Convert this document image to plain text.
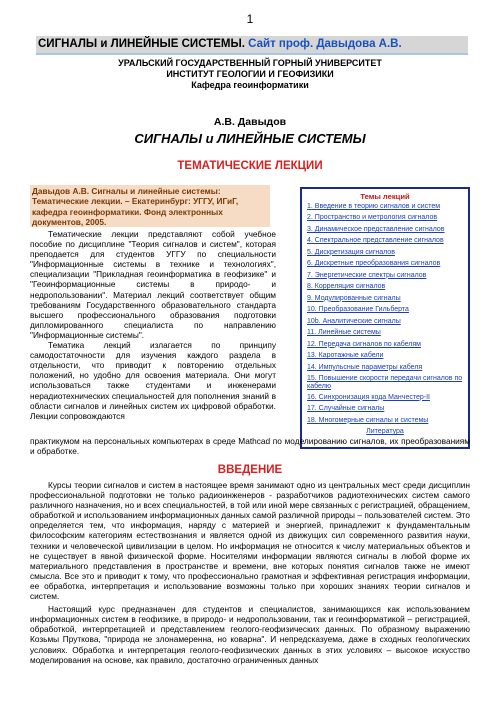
1
СИГНАЛЫ и ЛИНЕЙНЫЕ СИСТЕМЫ. Сайт проф. Давыдова А.В.
УРАЛЬСКИЙ ГОСУДАРСТВЕННЫЙ ГОРНЫЙ УНИВЕРСИТЕТ
ИНСТИТУТ ГЕОЛОГИИ И ГЕОФИЗИКИ
Кафедра геоинформатики
А.В. Давыдов
СИГНАЛЫ и ЛИНЕЙНЫЕ СИСТЕМЫ
ТЕМАТИЧЕСКИЕ ЛЕКЦИИ
Давыдов А.В. Сигналы и линейные системы: Тематические лекции. – Екатеринбург: УГГУ, ИГиГ, кафедра геоинформатики. Фонд электронных документов, 2005.

Тематические лекции представляют собой учебное пособие по дисциплине "Теория сигналов и систем", которая преподается для студентов УГГУ по специальности "Информационные системы в технике и технологиях", специализации "Прикладная геоинформатика в геофизике" и "Геоинформационные системы в природо- и недропользовании". Материал лекций соответствует общим требованиям Государственного образовательного стандарта высшего профессионального образования подготовки дипломированного специалиста по направлению "Информационные системы".

Тематика лекций излагается по принципу самодостаточности для изучения каждого раздела в отдельности, что приводит к повторению отдельных положений, но удобно для освоения материала. Они могут использоваться также студентами и инженерами нерадиотехнических специальностей для пополнения знаний в области сигналов и линейных систем их цифровой обработки. Лекции сопровождаются

Темы лекций
1. Введение в теорию сигналов и систем
2. Пространство и метрология сигналов
3. Динамическое представление сигналов
4. Спектральное представление сигналов
5. Дискретизация сигналов
6. Дискретные преобразования сигналов
7. Энергетические спектры сигналов
8. Корреляция сигналов
9. Модулированные сигналы
10. Преобразование Гильберта
10b. Аналитические сигналы
11. Линейные системы
12. Передача сигналов по кабелям
13. Каротажные кабели
14. Импульсные параметры кабеля
15. Повышение скорости передачи сигналов по кабелю
16. Синхронизация кода Манчестер-II
17. Случайные сигналы
18. Многомерные сигналы и системы
Литература
практикумом на персональных компьютерах в среде Mathcad по моделированию сигналов, их преобразованиям и обработке.
ВВЕДЕНИЕ

Курсы теории сигналов и систем в настоящее время занимают одно из центральных мест среди дисциплин профессиональной подготовки не только радиоинженеров - разработчиков радиотехнических систем самого различного назначения, но и всех специальностей, в той или иной мере связанных с регистрацией, обращением, обработкой и использованием информационных данных самой различной природы – пользователей систем. Это определяется тем, что информация, наряду с материей и энергией, принадлежит к фундаментальным философским категориям естествознания и является одной из движущих сил современного развития науки, техники и человеческой цивилизации в целом. Но информация не относится к числу материальных объектов и не существует в явной физической форме. Носителями информации являются сигналы в любой форме их материального представления в пространстве и времени, вне которых понятия сигналов также не имеют смысла. Все это и приводит к тому, что профессионально грамотная и эффективная регистрация информации, ее обработка, интерпретация и использование возможны только при хороших знаниях теории сигналов и систем.

Настоящий курс предназначен для студентов и специалистов, занимающихся как использованием информационных систем в геофизике, в природо- и недропользовании, так и геоинформатикой – регистрацией, обработкой, интерпретацией и представлением геолого-геофизических данных. По образному выражению Козьмы Пруткова, "природа не злонамеренна, но коварна". И непредсказуема, даже в сходных геологических условиях. Обработка и интерпретация геолого-геофизических данных в этих условиях – высокое искусство моделирования на основе, как правило, достаточно ограниченных данных
